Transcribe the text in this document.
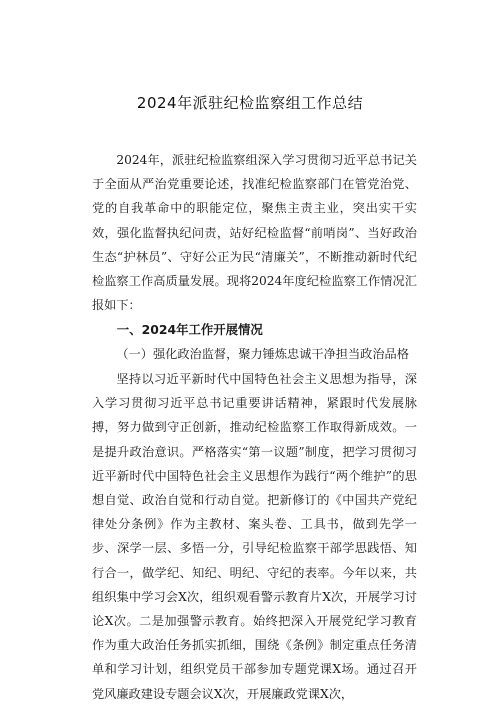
2024年派驻纪检监察组工作总结

2024年，派驻纪检监察组深入学习贯彻习近平总书记关于全面从严治党重要论述，找准纪检监察部门在管党治党、党的自我革命中的职能定位，聚焦主责主业，突出实干实效，强化监督执纪问责，站好纪检监督“前哨岗”、当好政治生态“护林员”、守好公正为民“清廉关”，不断推动新时代纪检监察工作高质量发展。现将2024年度纪检监察工作情况汇报如下：

一、2024年工作开展情况
（一）强化政治监督，聚力锤炼忠诚干净担当政治品格

坚持以习近平新时代中国特色社会主义思想为指导，深入学习贯彻习近平总书记重要讲话精神，紧跟时代发展脉搏，努力做到守正创新，推动纪检监察工作取得新成效。一是提升政治意识。严格落实“第一议题”制度，把学习贯彻习近平新时代中国特色社会主义思想作为践行“两个维护”的思想自觉、政治自觉和行动自觉。把新修订的《中国共产党纪律处分条例》作为主教材、案头卷、工具书，做到先学一步、深学一层、多悟一分，引导纪检监察干部学思践悟、知行合一，做学纪、知纪、明纪、守纪的表率。今年以来，共组织集中学习会X次，组织观看警示教育片X次，开展学习讨论X次。二是加强警示教育。始终把深入开展党纪学习教育作为重大政治任务抓实抓细，围绕《条例》制定重点任务清单和学习计划，组织党员干部参加专题党课X场。通过召开党风廉政建设专题会议X次，开展廉政党课X次，
